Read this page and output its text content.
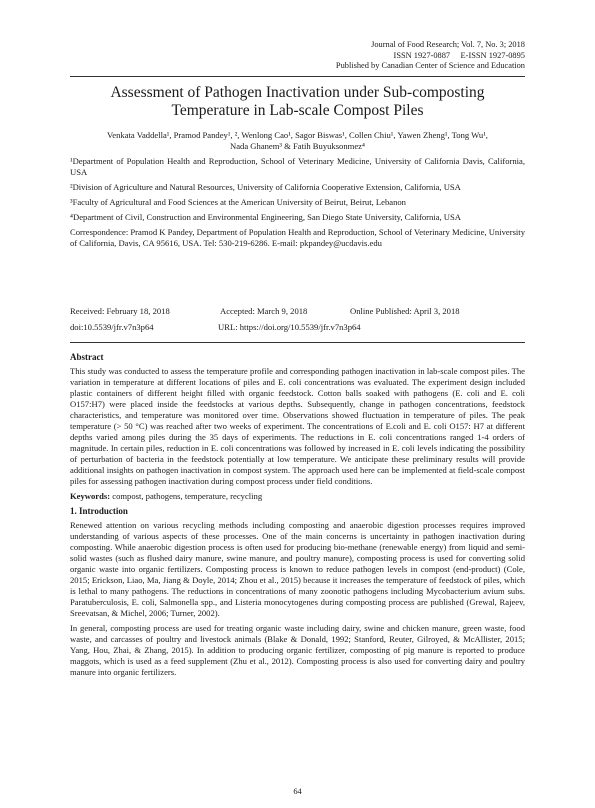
Journal of Food Research; Vol. 7, No. 3; 2018
ISSN 1927-0887     E-ISSN 1927-0895
Published by Canadian Center of Science and Education
Assessment of Pathogen Inactivation under Sub-composting
Temperature in Lab-scale Compost Piles
Venkata Vaddella¹, Pramod Pandey¹, ², Wenlong Cao¹, Sagor Biswas¹, Collen Chiu¹, Yawen Zheng¹, Tong Wu¹,
Nada Ghanem³ & Fatih Buyuksonmez⁴
¹Department of Population Health and Reproduction, School of Veterinary Medicine, University of California Davis, California, USA
²Division of Agriculture and Natural Resources, University of California Cooperative Extension, California, USA
³Faculty of Agricultural and Food Sciences at the American University of Beirut, Beirut, Lebanon
⁴Department of Civil, Construction and Environmental Engineering, San Diego State University, California, USA
Correspondence: Pramod K Pandey, Department of Population Health and Reproduction, School of Veterinary Medicine, University of California, Davis, CA 95616, USA. Tel: 530-219-6286. E-mail: pkpandey@ucdavis.edu
Received: February 18, 2018	Accepted: March 9, 2018	Online Published: April 3, 2018
doi:10.5539/jfr.v7n3p64	URL: https://doi.org/10.5539/jfr.v7n3p64
Abstract

This study was conducted to assess the temperature profile and corresponding pathogen inactivation in lab-scale compost piles. The variation in temperature at different locations of piles and E. coli concentrations was evaluated. The experiment design included plastic containers of different height filled with organic feedstock. Cotton balls soaked with pathogens (E. coli and E. coli O157:H7) were placed inside the feedstocks at various depths. Subsequently, change in pathogen concentrations, feedstock characteristics, and temperature was monitored over time. Observations showed fluctuation in temperature of piles. The peak temperature (> 50 °C) was reached after two weeks of experiment. The concentrations of E.coli and E. coli O157: H7 at different depths varied among piles during the 35 days of experiments. The reductions in E. coli concentrations ranged 1-4 orders of magnitude. In certain piles, reduction in E. coli concentrations was followed by increased in E. coli levels indicating the possibility of perturbation of bacteria in the feedstock potentially at low temperature. We anticipate these preliminary results will provide additional insights on pathogen inactivation in compost system. The approach used here can be implemented at field-scale compost piles for assessing pathogen inactivation during compost process under field conditions.

Keywords: compost, pathogens, temperature, recycling

1. Introduction

Renewed attention on various recycling methods including composting and anaerobic digestion processes requires improved understanding of various aspects of these processes. One of the main concerns is uncertainty in pathogen inactivation during composting. While anaerobic digestion process is often used for producing bio-methane (renewable energy) from liquid and semi-solid wastes (such as flushed dairy manure, swine manure, and poultry manure), composting process is used for converting solid organic waste into organic fertilizers. Composting process is known to reduce pathogen levels in compost (end-product) (Cole, 2015; Erickson, Liao, Ma, Jiang & Doyle, 2014; Zhou et al., 2015) because it increases the temperature of feedstock of piles, which is lethal to many pathogens. The reductions in concentrations of many zoonotic pathogens including Mycobacterium avium subs. Paratuberculosis, E. coli, Salmonella spp., and Listeria monocytogenes during composting process are published (Grewal, Rajeev, Sreevatsan, & Michel, 2006; Turner, 2002).

In general, composting process are used for treating organic waste including dairy, swine and chicken manure, green waste, food waste, and carcasses of poultry and livestock animals (Blake & Donald, 1992; Stanford, Reuter, Gilroyed, & McAllister, 2015; Yang, Hou, Zhai, & Zhang, 2015). In addition to producing organic fertilizer, composting of pig manure is reported to produce maggots, which is used as a feed supplement (Zhu et al., 2012). Composting process is also used for converting dairy and poultry manure into organic fertilizers.

64
